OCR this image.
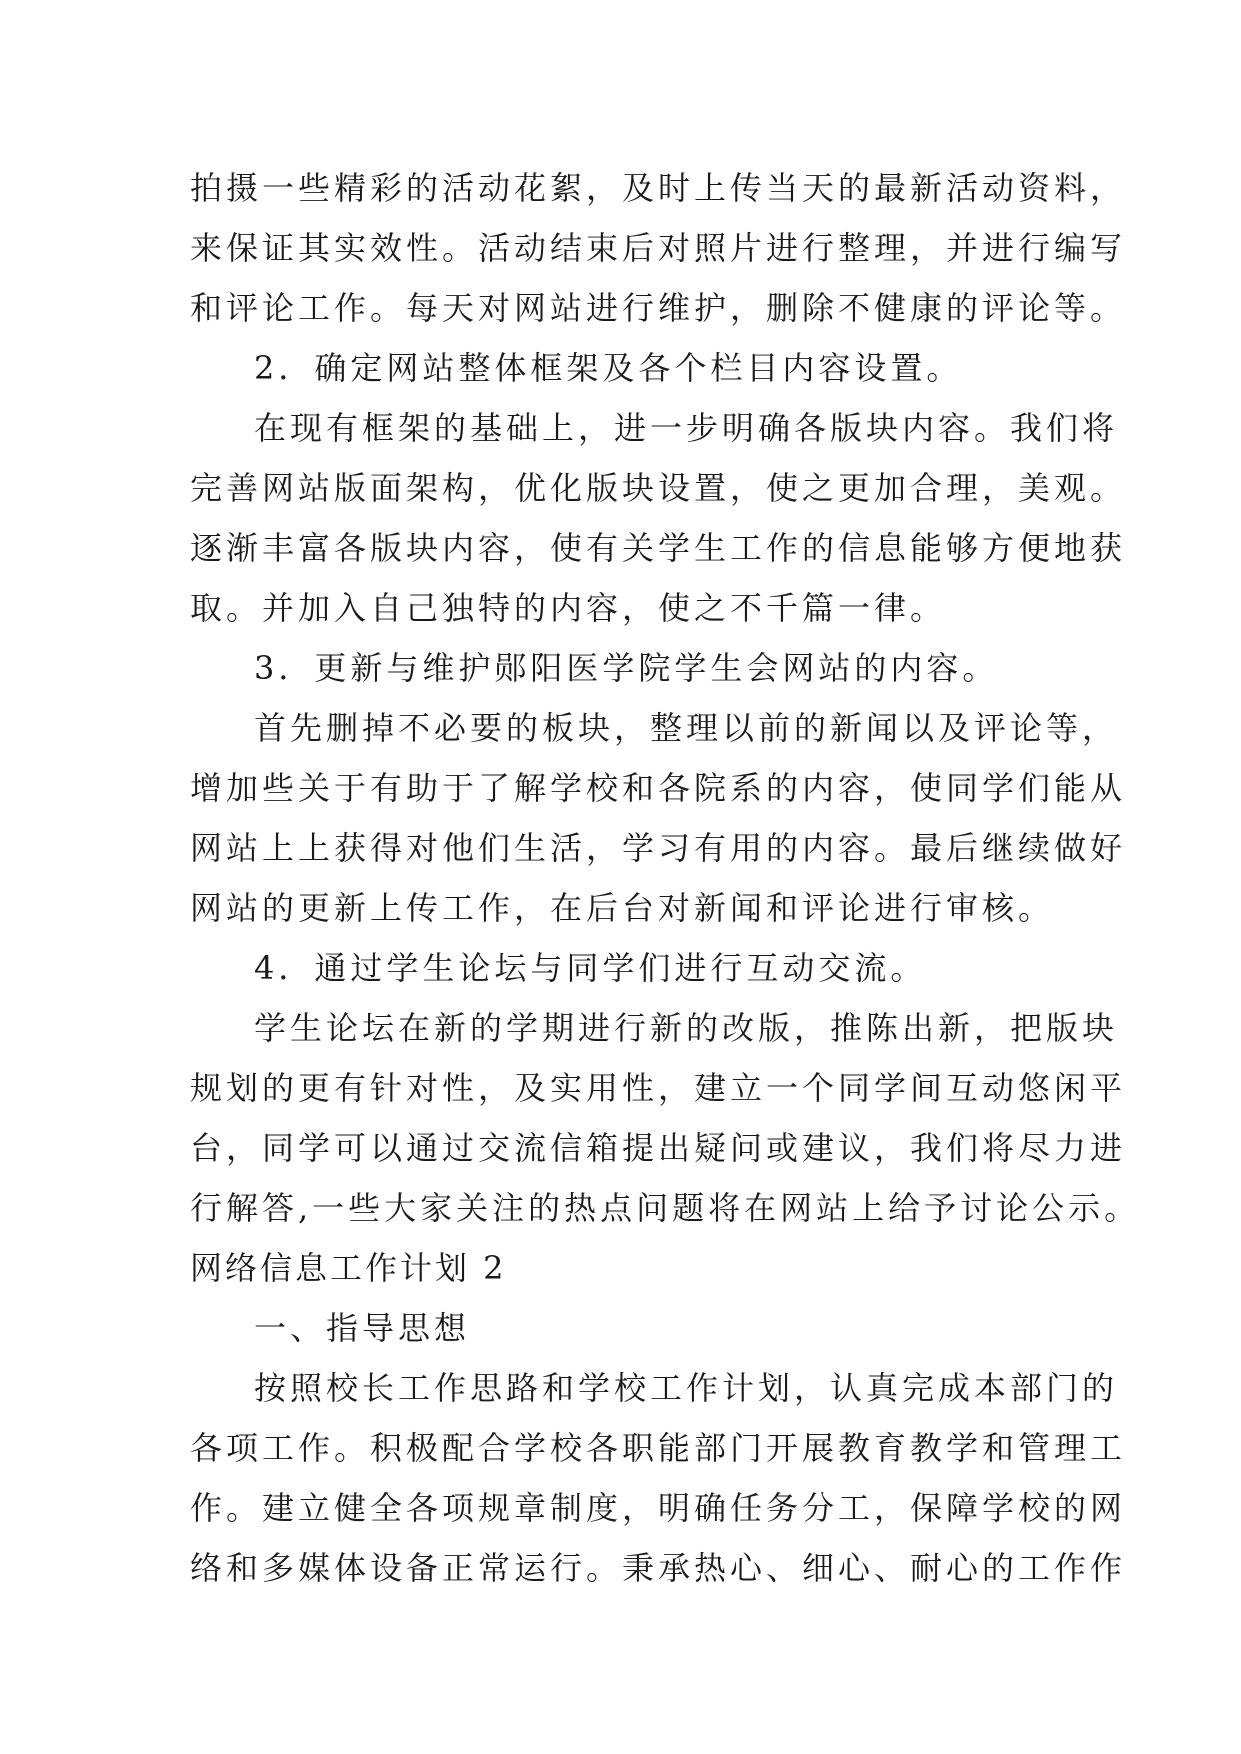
拍摄一些精彩的活动花絮，及时上传当天的最新活动资料，

来保证其实效性。活动结束后对照片进行整理，并进行编写

和评论工作。每天对网站进行维护，删除不健康的评论等。

2．确定网站整体框架及各个栏目内容设置。

在现有框架的基础上，进一步明确各版块内容。我们将

完善网站版面架构，优化版块设置，使之更加合理，美观。

逐渐丰富各版块内容，使有关学生工作的信息能够方便地获

取。并加入自己独特的内容，使之不千篇一律。

3．更新与维护郧阳医学院学生会网站的内容。

首先删掉不必要的板块，整理以前的新闻以及评论等，

增加些关于有助于了解学校和各院系的内容，使同学们能从

网站上上获得对他们生活，学习有用的内容。最后继续做好

网站的更新上传工作，在后台对新闻和评论进行审核。

4．通过学生论坛与同学们进行互动交流。

学生论坛在新的学期进行新的改版，推陈出新，把版块

规划的更有针对性，及实用性，建立一个同学间互动悠闲平

台，同学可以通过交流信箱提出疑问或建议，我们将尽力进

行解答,一些大家关注的热点问题将在网站上给予讨论公示。

网络信息工作计划 2

一、指导思想

按照校长工作思路和学校工作计划，认真完成本部门的

各项工作。积极配合学校各职能部门开展教育教学和管理工

作。建立健全各项规章制度，明确任务分工，保障学校的网

络和多媒体设备正常运行。秉承热心、细心、耐心的工作作
